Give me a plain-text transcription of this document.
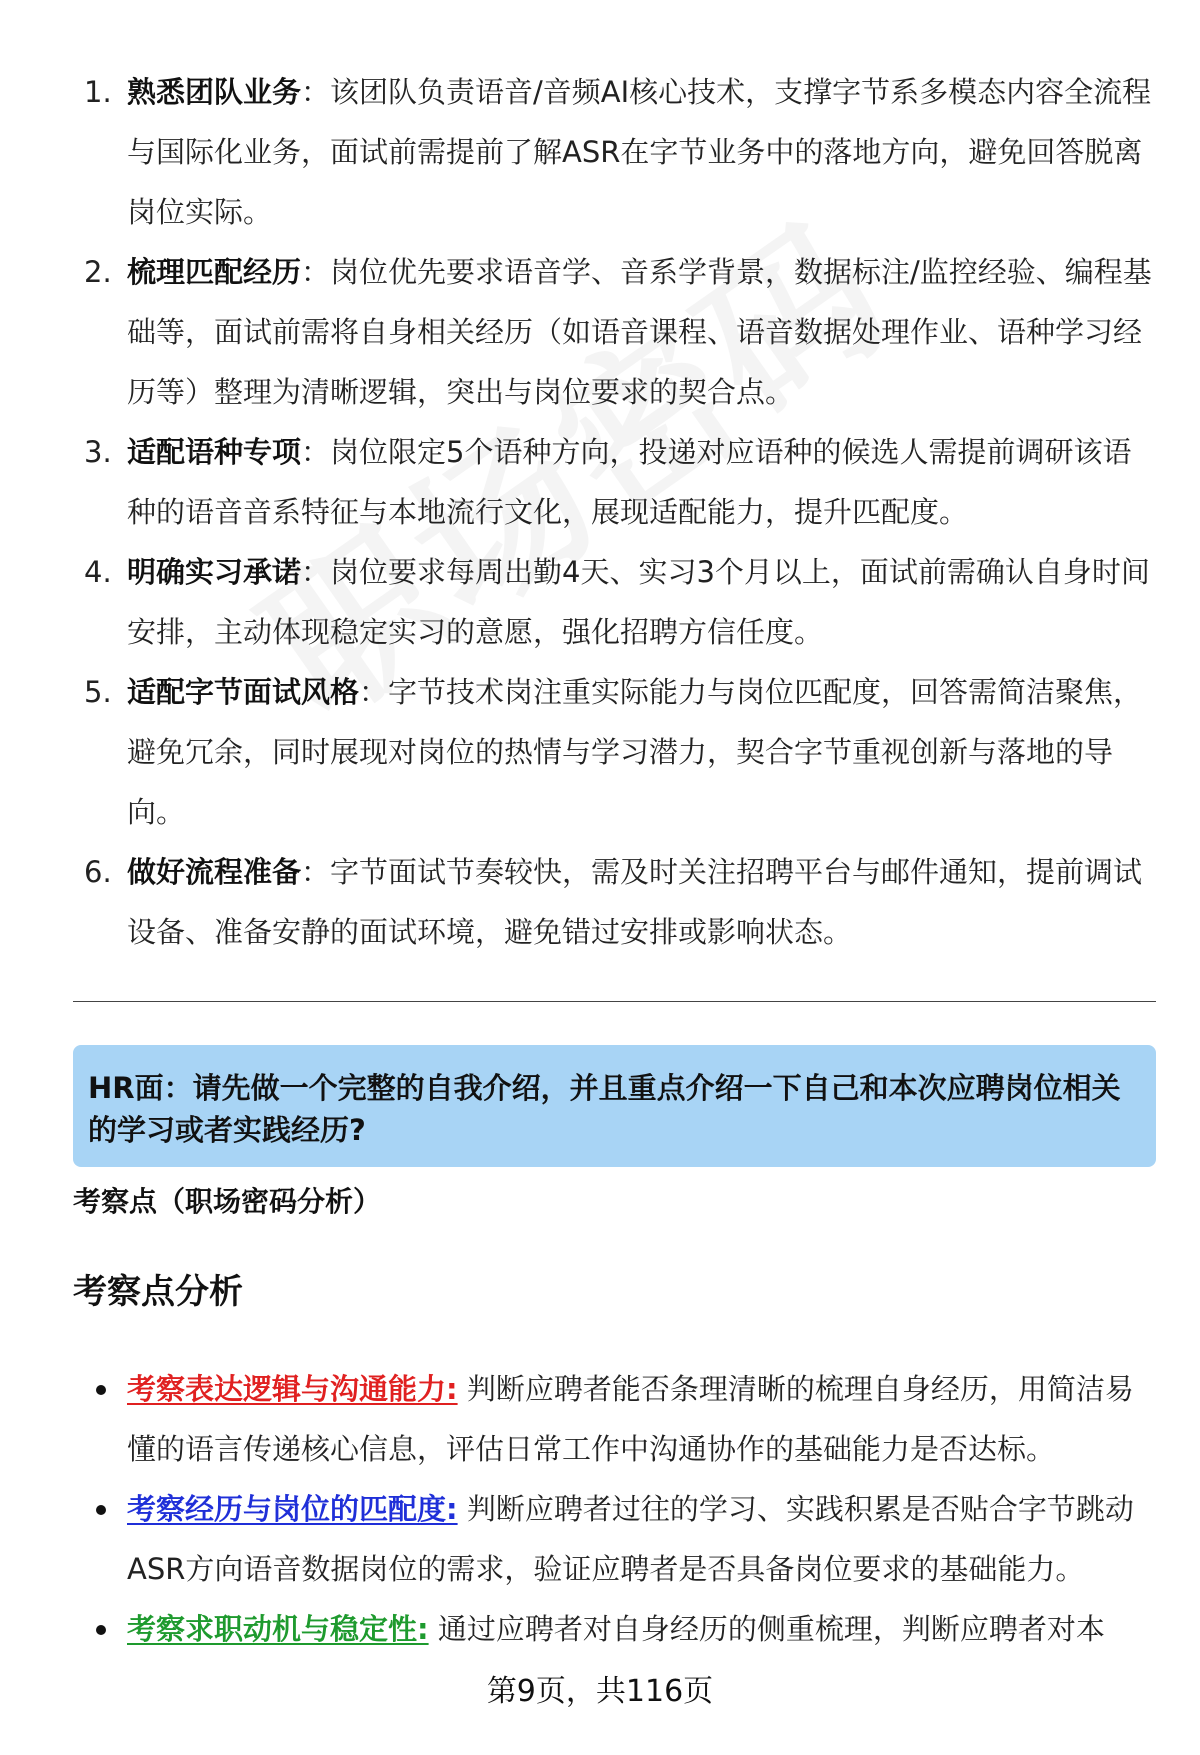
1. 熟悉团队业务：该团队负责语音/音频AI核心技术，支撑字节系多模态内容全流程与国际化业务，面试前需提前了解ASR在字节业务中的落地方向，避免回答脱离岗位实际。
2. 梳理匹配经历：岗位优先要求语音学、音系学背景，数据标注/监控经验、编程基础等，面试前需将自身相关经历（如语音课程、语音数据处理作业、语种学习经历等）整理为清晰逻辑，突出与岗位要求的契合点。
3. 适配语种专项：岗位限定5个语种方向，投递对应语种的候选人需提前调研该语种的语音音系特征与本地流行文化，展现适配能力，提升匹配度。
4. 明确实习承诺：岗位要求每周出勤4天、实习3个月以上，面试前需确认自身时间安排，主动体现稳定实习的意愿，强化招聘方信任度。
5. 适配字节面试风格：字节技术岗注重实际能力与岗位匹配度，回答需简洁聚焦，避免冗余，同时展现对岗位的热情与学习潜力，契合字节重视创新与落地的导向。
6. 做好流程准备：字节面试节奏较快，需及时关注招聘平台与邮件通知，提前调试设备、准备安静的面试环境，避免错过安排或影响状态。
HR面：请先做一个完整的自我介绍，并且重点介绍一下自己和本次应聘岗位相关的学习或者实践经历?
考察点（职场密码分析）
考察点分析
考察表达逻辑与沟通能力: 判断应聘者能否条理清晰的梳理自身经历，用简洁易懂的语言传递核心信息，评估日常工作中沟通协作的基础能力是否达标。
考察经历与岗位的匹配度: 判断应聘者过往的学习、实践积累是否贴合字节跳动ASR方向语音数据岗位的需求，验证应聘者是否具备岗位要求的基础能力。
考察求职动机与稳定性: 通过应聘者对自身经历的侧重梳理，判断应聘者对本
第9页，共116页
